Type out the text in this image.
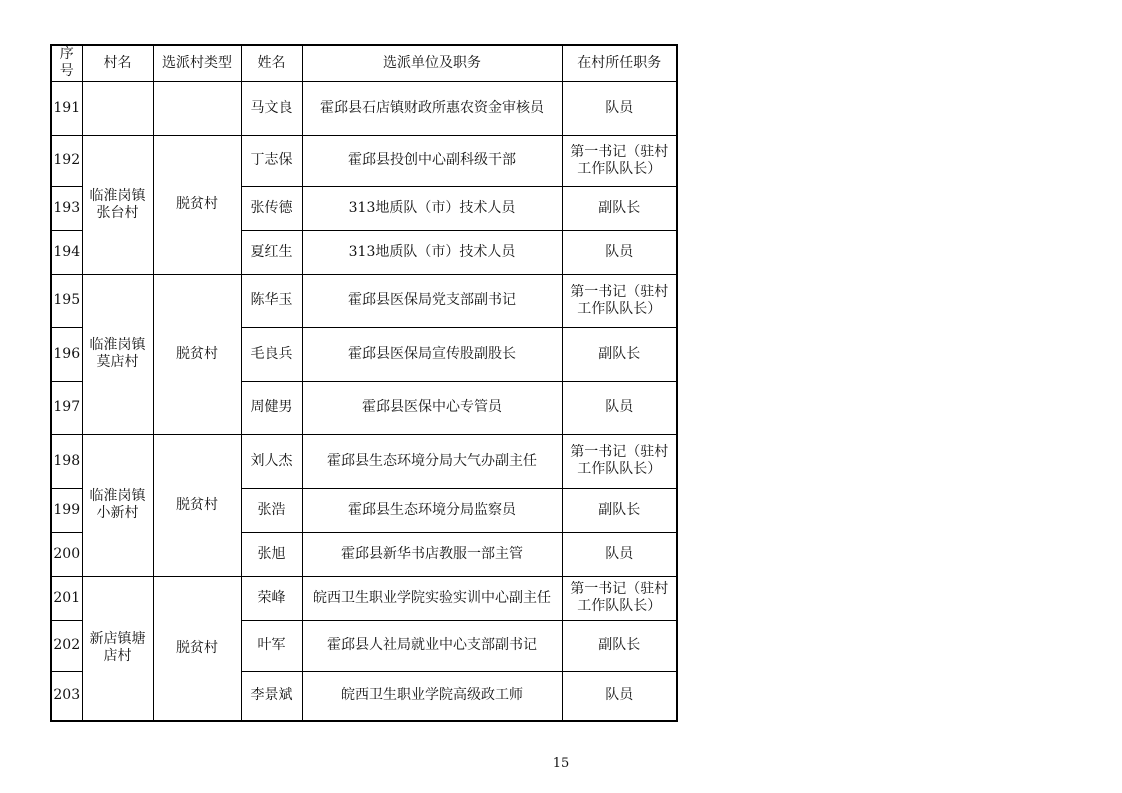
序
号	村名	选派村类型	姓名	选派单位及职务	在村所任职务
191			马文良	霍邱县石店镇财政所惠农资金审核员	队员
192	临淮岗镇张台村	脱贫村	丁志保	霍邱县投创中心副科级干部	第一书记（驻村工作队队长）
193			张传德	313地质队（市）技术人员	副队长
194			夏红生	313地质队（市）技术人员	队员
195	临淮岗镇莫店村	脱贫村	陈华玉	霍邱县医保局党支部副书记	第一书记（驻村工作队队长）
196			毛良兵	霍邱县医保局宣传股副股长	副队长
197			周健男	霍邱县医保中心专管员	队员
198	临淮岗镇小新村	脱贫村	刘人杰	霍邱县生态环境分局大气办副主任	第一书记（驻村工作队队长）
199			张浩	霍邱县生态环境分局监察员	副队长
200			张旭	霍邱县新华书店教服一部主管	队员
201	新店镇塘店村	脱贫村	荣峰	皖西卫生职业学院实验实训中心副主任	第一书记（驻村工作队队长）
202			叶军	霍邱县人社局就业中心支部副书记	副队长
203			李景斌	皖西卫生职业学院高级政工师	队员
15
